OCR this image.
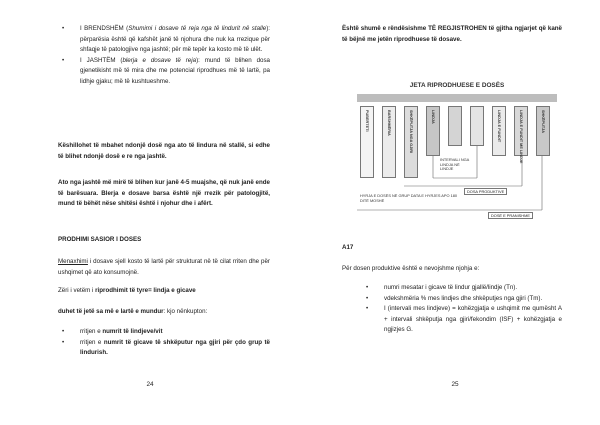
• I BRENDSHËM (Shumimi i dosave të reja nga të lindurit në stalle): përparësia është që kafshët janë të njohura dhe nuk ka rrezique për shfaqje të patologjive nga jashtë; për më tepër ka kosto më të ulët.
• I JASHTËM (blerja e dosave të reja): mund të blihen dosa gjenetikisht më të mira dhe me potencial riprodhues më të lartë, pa lidhje gjaku; më të kushtueshme.
Këshillohet të mbahet ndonjë dosë nga ato të lindura në stallë, si edhe të blihet ndonjë dosë e re nga jashtë.
Ato nga jashtë më mirë të blihen kur janë 4-5 muajshe, që nuk janë ende të barësuara. Blerja e dosave barsa është një rrezik për patologjitë, mund të bëhët nëse shitësi është i njohur dhe i afërt.
PRODHIMI SASIOR I DOSES
Menaxhimi i dosave sjell kosto të lartë për strukturat në të cilat rriten dhe për ushqimet që ato konsumojnë.
Zëri i vetëm i riprodhimit të tyre= lindja e gicave
duhet të jetë sa më e lartë e mundur: kjo nënkupton:
• rritjen e numrit të lindjeve/vit
• rritjen e numrit të gicave të shkëputur nga gjiri për çdo grup të lindurish.
24
Është shumë e rëndësishme TË REGJISTROHEN të gjitha ngjarjet që kanë të bëjnë me jetën riprodhuese të dosave.
A17
Për dosen produktive është e nevojshme njohja e:
• numri mesatar i gicave të lindur gjallë/lindje (Tn).
• vdekshmëria % mes lindjes dhe shkëputjes nga gjiri (Tm).
• I (intervali mes lindjeve) = kohëzgjatja e ushqimit me qumësht A + intervali shkëputja nga gjiri/fekondim (ISF) + kohëzgjatja e ngjizjes G.
25
JETA RIPRODHUESE E DOSËS
PUBERTETI	BARSHMËRIA	SHKËPUTJA NGA GJIRI	LINDJA	LINDJA E FUNDIT	LINDJA E FUNDIT ME LINDJE	SHKËPUTJA
INTERVALI NGA LINDJA NË LINDJE
DOSA PRODUKTIVE
HYRJA E DOSËS NË GRUP DATA E HYRJES APO 180 DITË MOSHË
DOSË E PRANISHME
